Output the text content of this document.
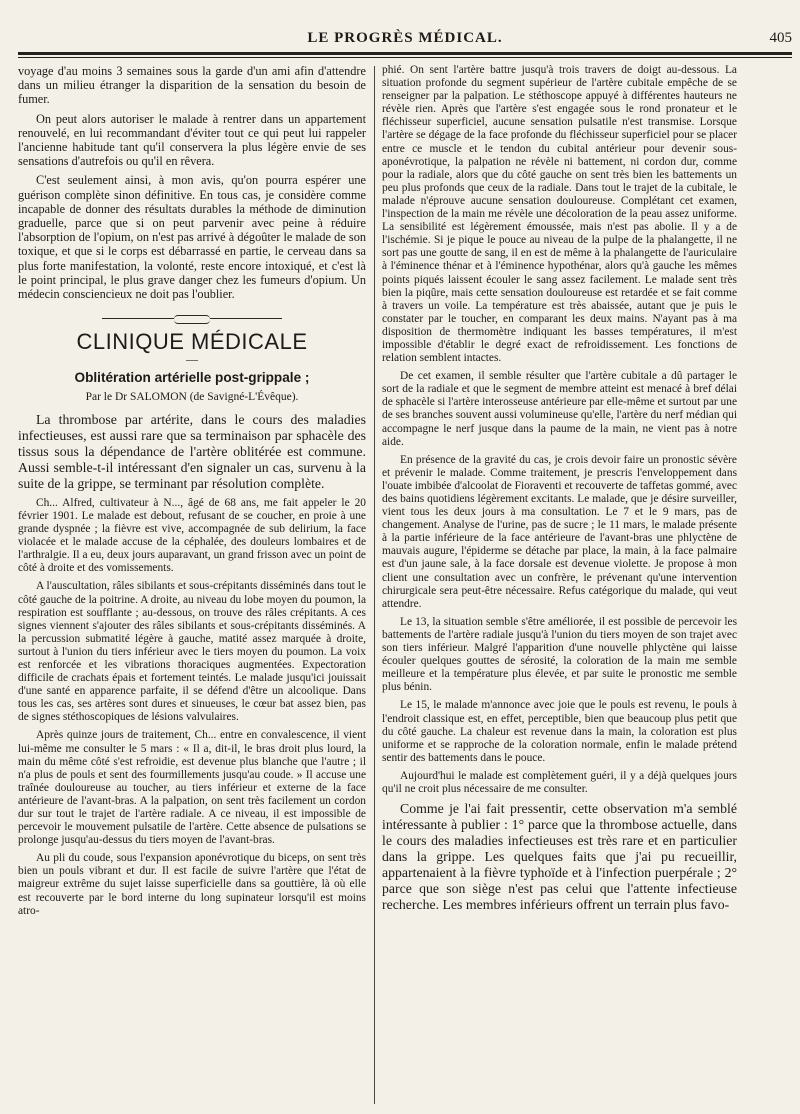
LE PROGRÈS MÉDICAL.	405

voyage d'au moins 3 semaines sous la garde d'un ami afin d'attendre dans un milieu étranger la disparition de la sensation du besoin de fumer.

On peut alors autoriser le malade à rentrer dans un appartement renouvelé, en lui recommandant d'éviter tout ce qui peut lui rappeler l'ancienne habitude tant qu'il conservera la plus légère envie de ses sensations d'autrefois ou qu'il en rêvera.

C'est seulement ainsi, à mon avis, qu'on pourra espérer une guérison complète sinon définitive. En tous cas, je considère comme incapable de donner des résultats durables la méthode de diminution graduelle, parce que si on peut parvenir avec peine à réduire l'absorption de l'opium, on n'est pas arrivé à dégoûter le malade de son toxique, et que si le corps est débarrassé en partie, le cerveau dans sa plus forte manifestation, la volonté, reste encore intoxiqué, et c'est là le point principal, le plus grave danger chez les fumeurs d'opium. Un médecin consciencieux ne doit pas l'oublier.

CLINIQUE MÉDICALE
—
Oblitération artérielle post-grippale ;
Par le Dr SALOMON (de Savigné-L'Évêque).

La thrombose par artérite, dans le cours des maladies infectieuses, est aussi rare que sa terminaison par sphacèle des tissus sous la dépendance de l'artère oblitérée est commune. Aussi semble-t-il intéressant d'en signaler un cas, survenu à la suite de la grippe, se terminant par résolution complète.

Ch... Alfred, cultivateur à N..., âgé de 68 ans, me fait appeler le 20 février 1901. Le malade est debout, refusant de se coucher, en proie à une grande dyspnée ; la fièvre est vive, accompagnée de sub delirium, la face violacée et le malade accuse de la céphalée, des douleurs lombaires et de l'arthralgie. Il a eu, deux jours auparavant, un grand frisson avec un point de côté à droite et des vomissements.

A l'auscultation, râles sibilants et sous-crépitants disséminés dans tout le côté gauche de la poitrine. A droite, au niveau du lobe moyen du poumon, la respiration est soufflante ; au-dessous, on trouve des râles crépitants. A ces signes viennent s'ajouter des râles sibilants et sous-crépitants disséminés. A la percussion submatité légère à gauche, matité assez marquée à droite, surtout à l'union du tiers inférieur avec le tiers moyen du poumon. La voix est renforcée et les vibrations thoraciques augmentées. Expectoration difficile de crachats épais et fortement teintés. Le malade jusqu'ici jouissait d'une santé en apparence parfaite, il se défend d'être un alcoolique. Dans tous les cas, ses artères sont dures et sinueuses, le cœur bat assez bien, pas de signes stéthoscopiques de lésions valvulaires.

Après quinze jours de traitement, Ch... entre en convalescence, il vient lui-même me consulter le 5 mars : « Il a, dit-il, le bras droit plus lourd, la main du même côté s'est refroidie, est devenue plus blanche que l'autre ; il n'a plus de pouls et sent des fourmillements jusqu'au coude. » Il accuse une traînée douloureuse au toucher, au tiers inférieur et externe de la face antérieure de l'avant-bras. A la palpation, on sent très facilement un cordon dur sur tout le trajet de l'artère radiale. A ce niveau, il est impossible de percevoir le mouvement pulsatile de l'artère. Cette absence de pulsations se prolonge jusqu'au-dessus du tiers moyen de l'avant-bras.

Au pli du coude, sous l'expansion aponévrotique du biceps, on sent très bien un pouls vibrant et dur. Il est facile de suivre l'artère que l'état de maigreur extrême du sujet laisse superficielle dans sa gouttière, là où elle est recouverte par le bord interne du long supinateur lorsqu'il est moins atro-

phié. On sent l'artère battre jusqu'à trois travers de doigt au-dessous. La situation profonde du segment supérieur de l'artère cubitale empêche de se renseigner par la palpation. Le stéthoscope appuyé à différentes hauteurs ne révèle rien. Après que l'artère s'est engagée sous le rond pronateur et le fléchisseur superficiel, aucune sensation pulsatile n'est transmise. Lorsque l'artère se dégage de la face profonde du fléchisseur superficiel pour se placer entre ce muscle et le tendon du cubital antérieur pour devenir sous-aponévrotique, la palpation ne révèle ni battement, ni cordon dur, comme pour la radiale, alors que du côté gauche on sent très bien les battements un peu plus profonds que ceux de la radiale. Dans tout le trajet de la cubitale, le malade n'éprouve aucune sensation douloureuse. Complétant cet examen, l'inspection de la main me révèle une décoloration de la peau assez uniforme. La sensibilité est légèrement émoussée, mais n'est pas abolie. Il y a de l'ischémie. Si je pique le pouce au niveau de la pulpe de la phalangette, il ne sort pas une goutte de sang, il en est de même à la phalangette de l'auriculaire à l'éminence thénar et à l'éminence hypothénar, alors qu'à gauche les mêmes points piqués laissent écouler le sang assez facilement. Le malade sent très bien la piqûre, mais cette sensation douloureuse est retardée et se fait comme à travers un voile. La température est très abaissée, autant que je puis le constater par le toucher, en comparant les deux mains. N'ayant pas à ma disposition de thermomètre indiquant les basses températures, il m'est impossible d'établir le degré exact de refroidissement. Les fonctions de relation semblent intactes.

De cet examen, il semble résulter que l'artère cubitale a dû partager le sort de la radiale et que le segment de membre atteint est menacé à bref délai de sphacèle si l'artère interosseuse antérieure par elle-même et surtout par une de ses branches souvent aussi volumineuse qu'elle, l'artère du nerf médian qui accompagne le nerf jusque dans la paume de la main, ne vient pas à notre aide.

En présence de la gravité du cas, je crois devoir faire un pronostic sévère et prévenir le malade. Comme traitement, je prescris l'enveloppement dans l'ouate imbibée d'alcoolat de Fioraventi et recouverte de taffetas gommé, avec des bains quotidiens légèrement excitants. Le malade, que je désire surveiller, vient tous les deux jours à ma consultation. Le 7 et le 9 mars, pas de changement. Analyse de l'urine, pas de sucre ; le 11 mars, le malade présente à la partie inférieure de la face antérieure de l'avant-bras une phlyctène de mauvais augure, l'épiderme se détache par place, la main, à la face palmaire est d'un jaune sale, à la face dorsale est devenue violette. Je propose à mon client une consultation avec un confrère, le prévenant qu'une intervention chirurgicale sera peut-être nécessaire. Refus catégorique du malade, qui veut attendre.

Le 13, la situation semble s'être améliorée, il est possible de percevoir les battements de l'artère radiale jusqu'à l'union du tiers moyen de son trajet avec son tiers inférieur. Malgré l'apparition d'une nouvelle phlyctène qui laisse écouler quelques gouttes de sérosité, la coloration de la main me semble meilleure et la température plus élevée, et par suite le pronostic me semble plus bénin.

Le 15, le malade m'annonce avec joie que le pouls est revenu, le pouls à l'endroit classique est, en effet, perceptible, bien que beaucoup plus petit que du côté gauche. La chaleur est revenue dans la main, la coloration est plus uniforme et se rapproche de la coloration normale, enfin le malade prétend sentir des battements dans le pouce.

Aujourd'hui le malade est complètement guéri, il y a déjà quelques jours qu'il ne croit plus nécessaire de me consulter.

Comme je l'ai fait pressentir, cette observation m'a semblé intéressante à publier : 1° parce que la thrombose actuelle, dans le cours des maladies infectieuses est très rare et en particulier dans la grippe. Les quelques faits que j'ai pu recueillir, appartenaient à la fièvre typhoïde et à l'infection puerpérale ; 2° parce que son siège n'est pas celui que l'attente infectieuse recherche. Les membres inférieurs offrent un terrain plus favo-
